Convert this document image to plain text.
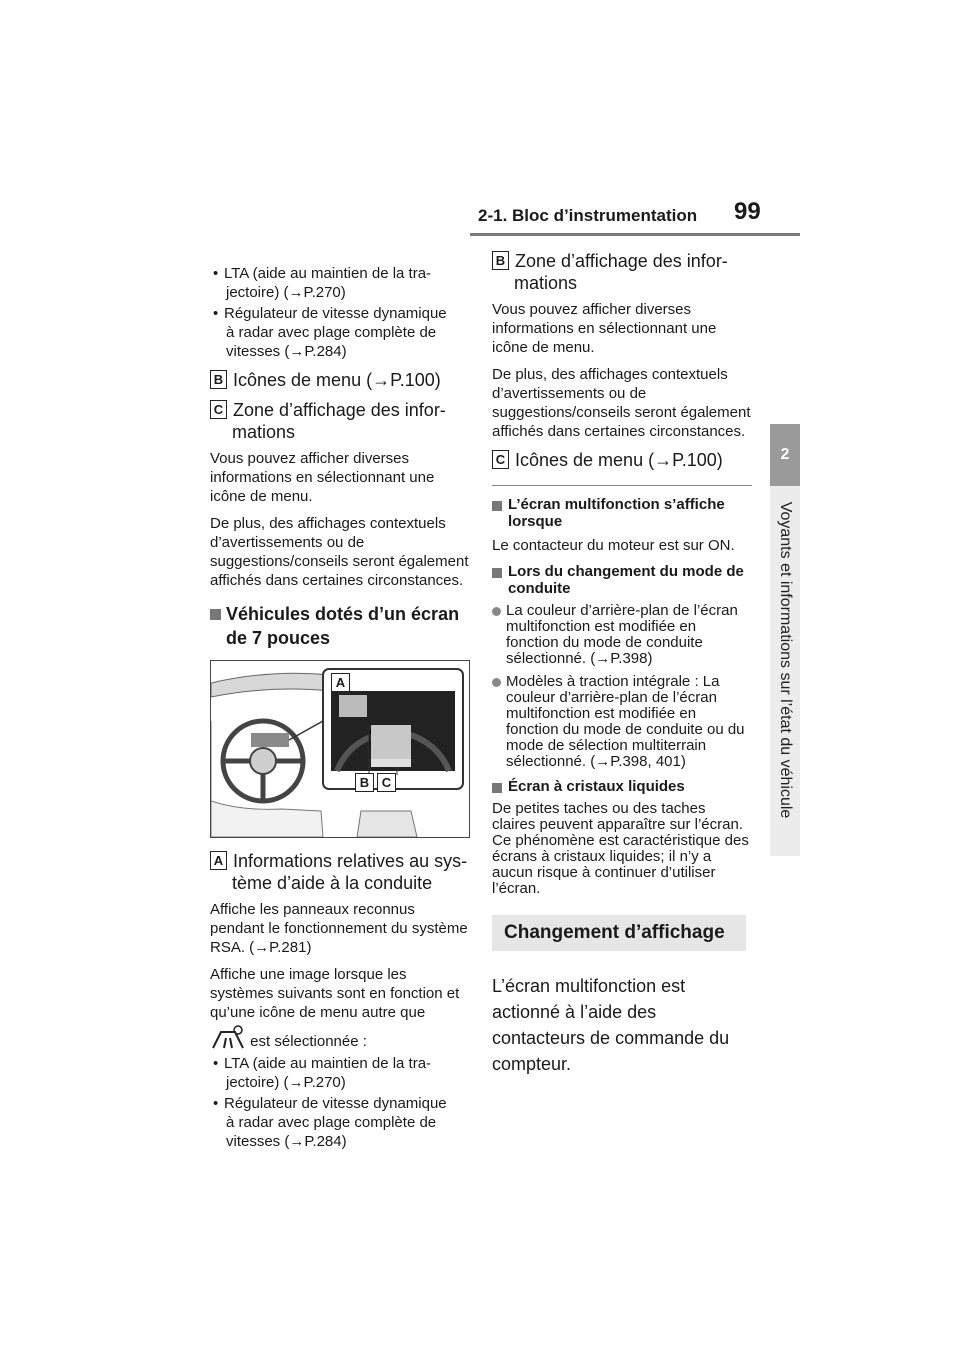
2-1. Bloc d’instrumentation 99
2
Voyants et informations sur l’état du véhicule
• LTA (aide au maintien de la tra-
jectoire) (→P.270)
• Régulateur de vitesse dynamique
à radar avec plage complète de vitesses (→P.284)
B Icônes de menu (→P.100)
C Zone d’affichage des infor-
mations
Vous pouvez afficher diverses informations en sélectionnant une icône de menu.
De plus, des affichages contextuels d’avertissements ou de suggestions/conseils seront également affichés dans certaines circonstances.
Véhicules dotés d’un écran de 7 pouces
A
B C
A Informations relatives au sys-
tème d’aide à la conduite
Affiche les panneaux reconnus pendant le fonctionnement du système RSA. (→P.281)
Affiche une image lorsque les systèmes suivants sont en fonction et qu’une icône de menu autre que
est sélectionnée :
• LTA (aide au maintien de la tra-
jectoire) (→P.270)
• Régulateur de vitesse dynamique
à radar avec plage complète de vitesses (→P.284)
B Zone d’affichage des infor-
mations
Vous pouvez afficher diverses informations en sélectionnant une icône de menu.
De plus, des affichages contextuels d’avertissements ou de suggestions/conseils seront également affichés dans certaines circonstances.
C Icônes de menu (→P.100)
L’écran multifonction s’affiche lorsque
Le contacteur du moteur est sur ON.
Lors du changement du mode de conduite
La couleur d’arrière-plan de l’écran multifonction est modifiée en fonction du mode de conduite sélectionné. (→P.398)
Modèles à traction intégrale : La couleur d’arrière-plan de l’écran multifonction est modifiée en fonction du mode de conduite ou du mode de sélection multiterrain sélectionné. (→P.398, 401)
Écran à cristaux liquides
De petites taches ou des taches claires peuvent apparaître sur l’écran. Ce phénomène est caractéristique des écrans à cristaux liquides; il n’y a aucun risque à continuer d’utiliser l’écran.
Changement d’affichage
L’écran multifonction est actionné à l’aide des contacteurs de commande du compteur.
